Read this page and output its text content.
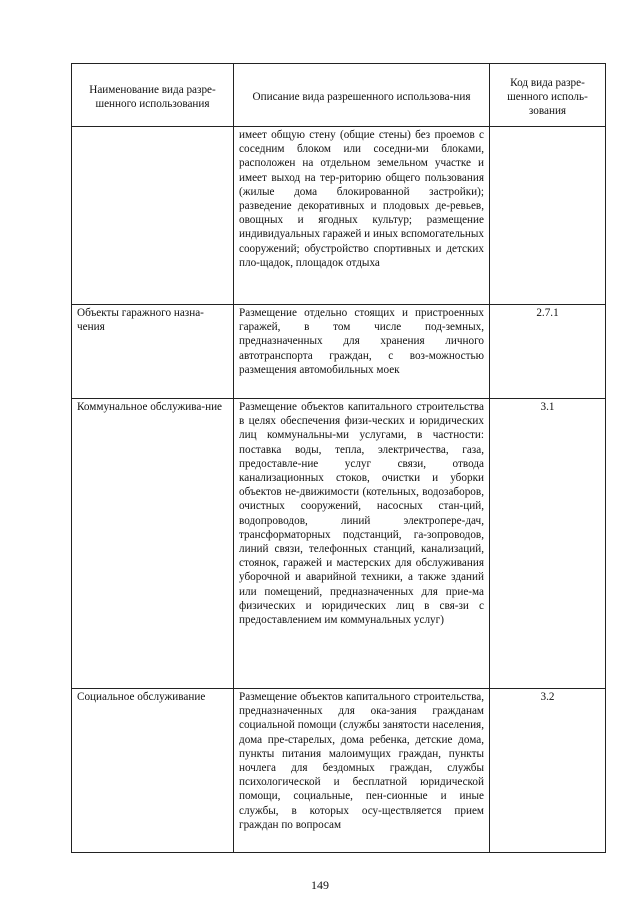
Наименование вида разре-шенного использования	Описание вида разрешенного использова-ния	Код вида разре-шенного исполь-зования
	имеет общую стену (общие стены) без проемов с соседним блоком или соседни-ми блоками, расположен на отдельном земельном участке и имеет выход на тер-риторию общего пользования (жилые дома блокированной застройки); разведение декоративных и плодовых де-ревьев, овощных и ягодных культур; размещение индивидуальных гаражей и иных вспомогательных сооружений; обустройство спортивных и детских пло-щадок, площадок отдыха	
Объекты гаражного назна-чения	Размещение отдельно стоящих и пристроенных гаражей, в том числе под-земных, предназначенных для хранения личного автотранспорта граждан, с воз-можностью размещения автомобильных моек	2.7.1
Коммунальное обслужива-ние	Размещение объектов капитального строительства в целях обеспечения физи-ческих и юридических лиц коммунальны-ми услугами, в частности: поставка воды, тепла, электричества, газа, предоставле-ние услуг связи, отвода канализационных стоков, очистки и уборки объектов не-движимости (котельных, водозаборов, очистных сооружений, насосных стан-ций, водопроводов, линий электропере-дач, трансформаторных подстанций, га-зопроводов, линий связи, телефонных станций, канализаций, стоянок, гаражей и мастерских для обслуживания уборочной и аварийной техники, а также зданий или помещений, предназначенных для прие-ма физических и юридических лиц в свя-зи с предоставлением им коммунальных услуг)	3.1
Социальное обслуживание	Размещение объектов капитального строительства, предназначенных для ока-зания гражданам социальной помощи (службы занятости населения, дома пре-старелых, дома ребенка, детские дома, пункты питания малоимущих граждан, пункты ночлега для бездомных граждан, службы психологической и бесплатной юридической помощи, социальные, пен-сионные и иные службы, в которых осу-ществляется прием граждан по вопросам	3.2
149
